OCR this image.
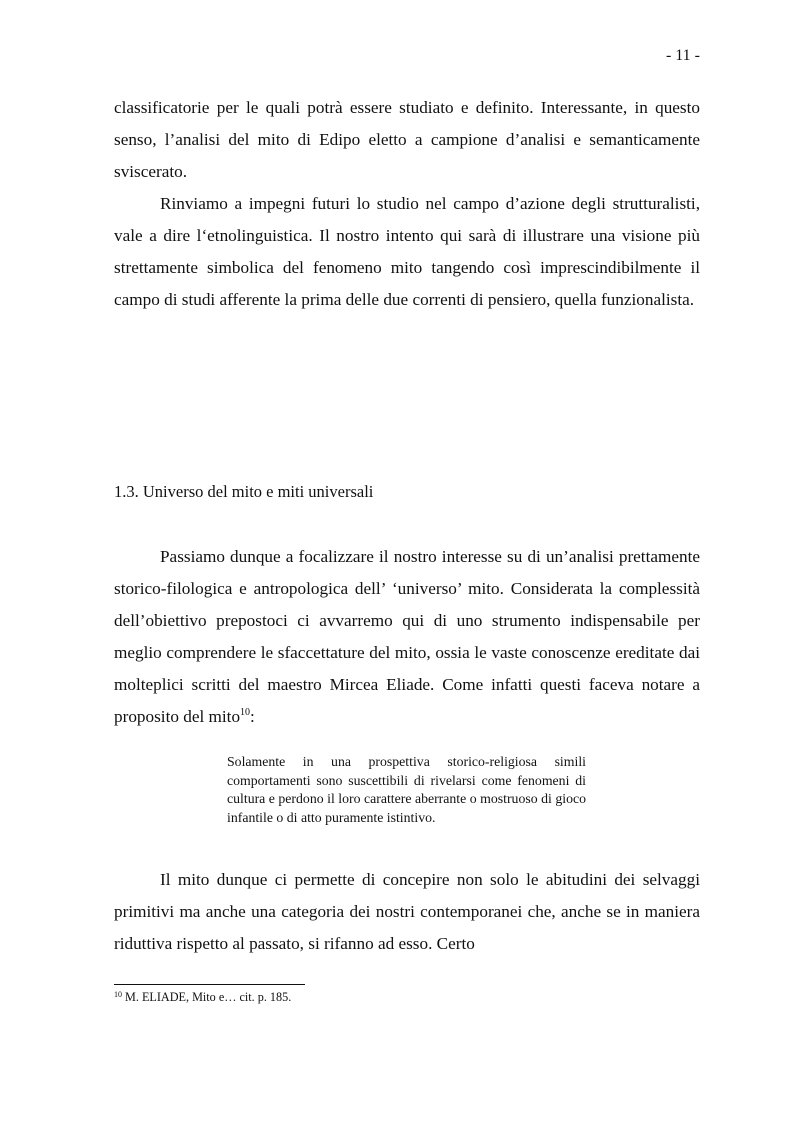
- 11 -

classificatorie per le quali potrà essere studiato e definito. Interessante, in questo senso, l’analisi del mito di Edipo eletto a campione d’analisi e semanticamente sviscerato.

Rinviamo a impegni futuri lo studio nel campo d’azione degli strutturalisti, vale a dire l‘etnolinguistica. Il nostro intento qui sarà di illustrare una visione più strettamente simbolica del fenomeno mito tangendo così imprescindibilmente il campo di studi afferente la prima delle due correnti di pensiero, quella funzionalista.

1.3. Universo del mito e miti universali

Passiamo dunque a focalizzare il nostro interesse su di un’analisi prettamente storico-filologica e antropologica dell’ ‘universo’ mito. Considerata la complessità dell’obiettivo prepostoci ci avvarremo qui di uno strumento indispensabile per meglio comprendere le sfaccettature del mito, ossia le vaste conoscenze ereditate dai molteplici scritti del maestro Mircea Eliade. Come infatti questi faceva notare a proposito del mito$^{10}$:

Solamente in una prospettiva storico-religiosa simili comportamenti sono suscettibili di rivelarsi come fenomeni di cultura e perdono il loro carattere aberrante o mostruoso di gioco infantile o di atto puramente istintivo.

Il mito dunque ci permette di concepire non solo le abitudini dei selvaggi primitivi ma anche una categoria dei nostri contemporanei che, anche se in maniera riduttiva rispetto al passato, si rifanno ad esso. Certo

$^{10}$ M. ELIADE, Mito e… cit. p. 185.
